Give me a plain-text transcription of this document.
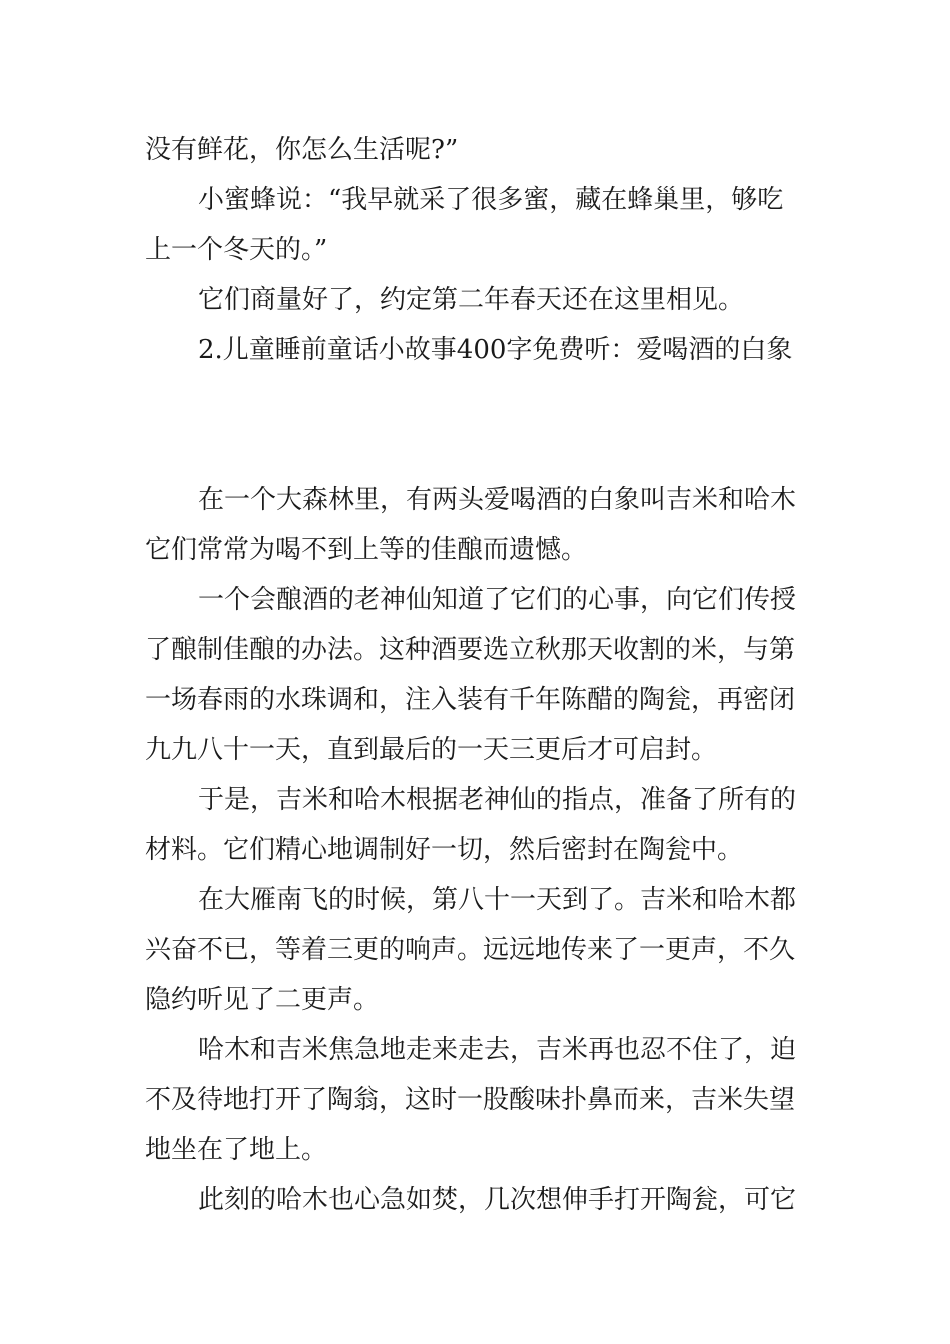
没有鲜花，你怎么生活呢?”

小蜜蜂说：“我早就采了很多蜜，藏在蜂巢里，够吃

上一个冬天的。”

它们商量好了，约定第二年春天还在这里相见。

2.儿童睡前童话小故事400字免费听：爱喝酒的白象

在一个大森林里，有两头爱喝酒的白象叫吉米和哈木

它们常常为喝不到上等的佳酿而遗憾。

一个会酿酒的老神仙知道了它们的心事，向它们传授

了酿制佳酿的办法。这种酒要选立秋那天收割的米，与第

一场春雨的水珠调和，注入装有千年陈醋的陶瓮，再密闭

九九八十一天，直到最后的一天三更后才可启封。

于是，吉米和哈木根据老神仙的指点，准备了所有的

材料。它们精心地调制好一切，然后密封在陶瓮中。

在大雁南飞的时候，第八十一天到了。吉米和哈木都

兴奋不已，等着三更的响声。远远地传来了一更声，不久

隐约听见了二更声。

哈木和吉米焦急地走来走去，吉米再也忍不住了，迫

不及待地打开了陶翁，这时一股酸味扑鼻而来，吉米失望

地坐在了地上。

此刻的哈木也心急如焚，几次想伸手打开陶瓮，可它
